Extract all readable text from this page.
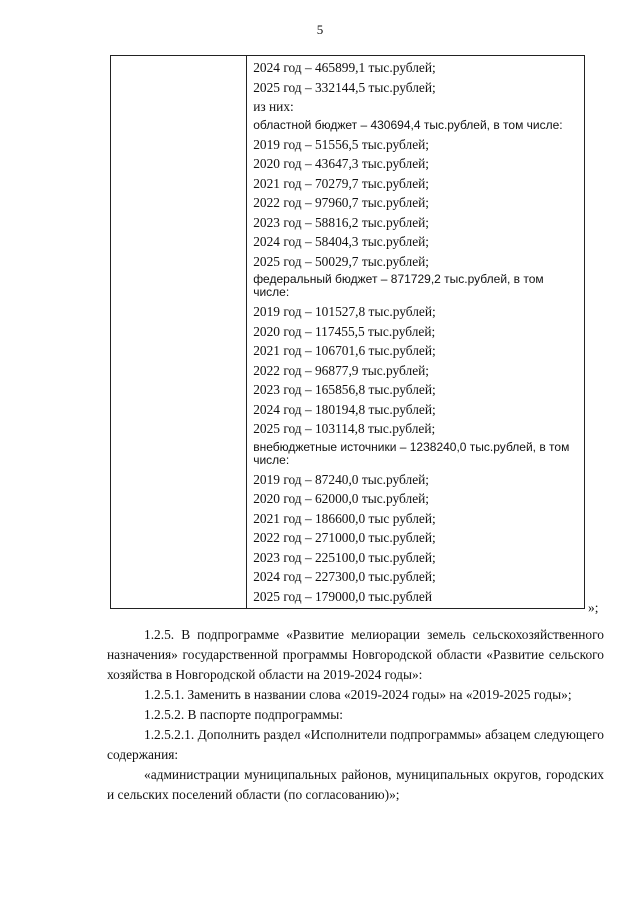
5

2024 год – 465899,1 тыс.рублей;
2025 год – 332144,5 тыс.рублей;
из них:
областной бюджет – 430694,4 тыс.рублей, в том числе:
2019 год – 51556,5 тыс.рублей;
2020 год – 43647,3 тыс.рублей;
2021 год – 70279,7 тыс.рублей;
2022 год – 97960,7 тыс.рублей;
2023 год – 58816,2 тыс.рублей;
2024 год – 58404,3 тыс.рублей;
2025 год – 50029,7 тыс.рублей;
федеральный бюджет – 871729,2 тыс.рублей, в том числе:
2019 год – 101527,8 тыс.рублей;
2020 год – 117455,5 тыс.рублей;
2021 год – 106701,6 тыс.рублей;
2022 год – 96877,9 тыс.рублей;
2023 год – 165856,8 тыс.рублей;
2024 год – 180194,8 тыс.рублей;
2025 год – 103114,8 тыс.рублей;
внебюджетные источники – 1238240,0 тыс.рублей, в том числе:
2019 год – 87240,0 тыс.рублей;
2020 год – 62000,0 тыс.рублей;
2021 год – 186600,0 тыс рублей;
2022 год – 271000,0 тыс.рублей;
2023 год – 225100,0 тыс.рублей;
2024 год – 227300,0 тыс.рублей;
2025 год – 179000,0 тыс.рублей
»;

1.2.5. В подпрограмме «Развитие мелиорации земель сельскохозяйственного назначения» государственной программы Новгородской области «Развитие сельского хозяйства в Новгородской области на 2019-2024 годы»:

1.2.5.1. Заменить в названии слова «2019-2024 годы» на «2019-2025 годы»;

1.2.5.2. В паспорте подпрограммы:

1.2.5.2.1. Дополнить раздел «Исполнители подпрограммы» абзацем следующего содержания:

«администрации муниципальных районов, муниципальных округов, городских и сельских поселений области (по согласованию)»;
